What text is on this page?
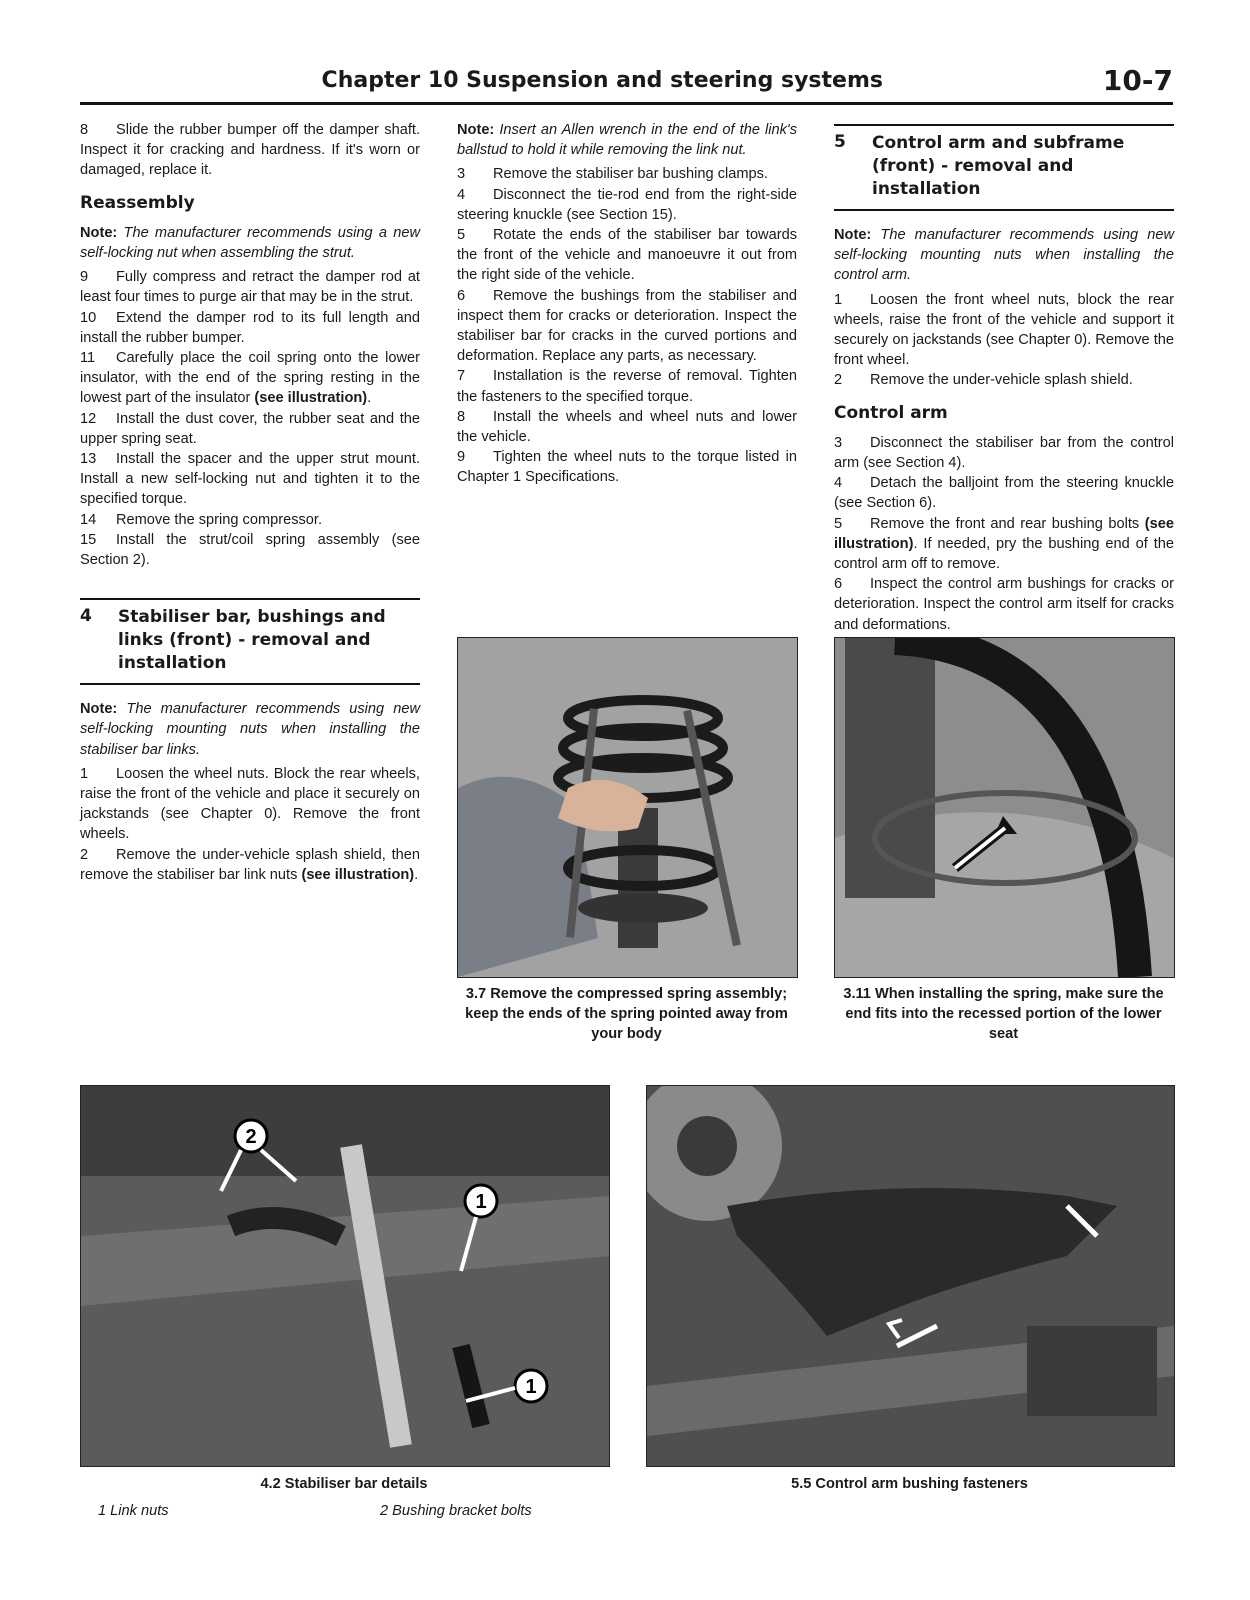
Chapter 10 Suspension and steering systems	10-7

8 Slide the rubber bumper off the damper shaft. Inspect it for cracking and hardness. If it's worn or damaged, replace it.

Reassembly

Note: The manufacturer recommends using a new self-locking nut when assembling the strut.

9 Fully compress and retract the damper rod at least four times to purge air that may be in the strut.

10 Extend the damper rod to its full length and install the rubber bumper.

11 Carefully place the coil spring onto the lower insulator, with the end of the spring resting in the lowest part of the insulator (see illustration).

12 Install the dust cover, the rubber seat and the upper spring seat.

13 Install the spacer and the upper strut mount. Install a new self-locking nut and tighten it to the specified torque.

14 Remove the spring compressor.

15 Install the strut/coil spring assembly (see Section 2).

4	Stabiliser bar, bushings and links (front) - removal and installation

Note: The manufacturer recommends using new self-locking mounting nuts when installing the stabiliser bar links.

1 Loosen the wheel nuts. Block the rear wheels, raise the front of the vehicle and place it securely on jackstands (see Chapter 0). Remove the front wheels.

2 Remove the under-vehicle splash shield, then remove the stabiliser bar link nuts (see illustration).

Note: Insert an Allen wrench in the end of the link's ballstud to hold it while removing the link nut.

3 Remove the stabiliser bar bushing clamps.

4 Disconnect the tie-rod end from the right-side steering knuckle (see Section 15).

5 Rotate the ends of the stabiliser bar towards the front of the vehicle and manoeuvre it out from the right side of the vehicle.

6 Remove the bushings from the stabiliser and inspect them for cracks or deterioration. Inspect the stabiliser bar for cracks in the curved portions and deformation. Replace any parts, as necessary.

7 Installation is the reverse of removal. Tighten the fasteners to the specified torque.

8 Install the wheels and wheel nuts and lower the vehicle.

9 Tighten the wheel nuts to the torque listed in Chapter 1 Specifications.

5	Control arm and subframe (front) - removal and installation

Note: The manufacturer recommends using new self-locking mounting nuts when installing the control arm.

1 Loosen the front wheel nuts, block the rear wheels, raise the front of the vehicle and support it securely on jackstands (see Chapter 0). Remove the front wheel.

2 Remove the under-vehicle splash shield.

Control arm

3 Disconnect the stabiliser bar from the control arm (see Section 4).

4 Detach the balljoint from the steering knuckle (see Section 6).

5 Remove the front and rear bushing bolts (see illustration). If needed, pry the bushing end of the control arm off to remove.

6 Inspect the control arm bushings for cracks or deterioration. Inspect the control arm itself for cracks and deformations.

3.7 Remove the compressed spring assembly; keep the ends of the spring pointed away from your body
3.11 When installing the spring, make sure the end fits into the recessed portion of the lower seat
2
1
1
4.2 Stabiliser bar details
1 Link nuts	2 Bushing bracket bolts
5.5 Control arm bushing fasteners
